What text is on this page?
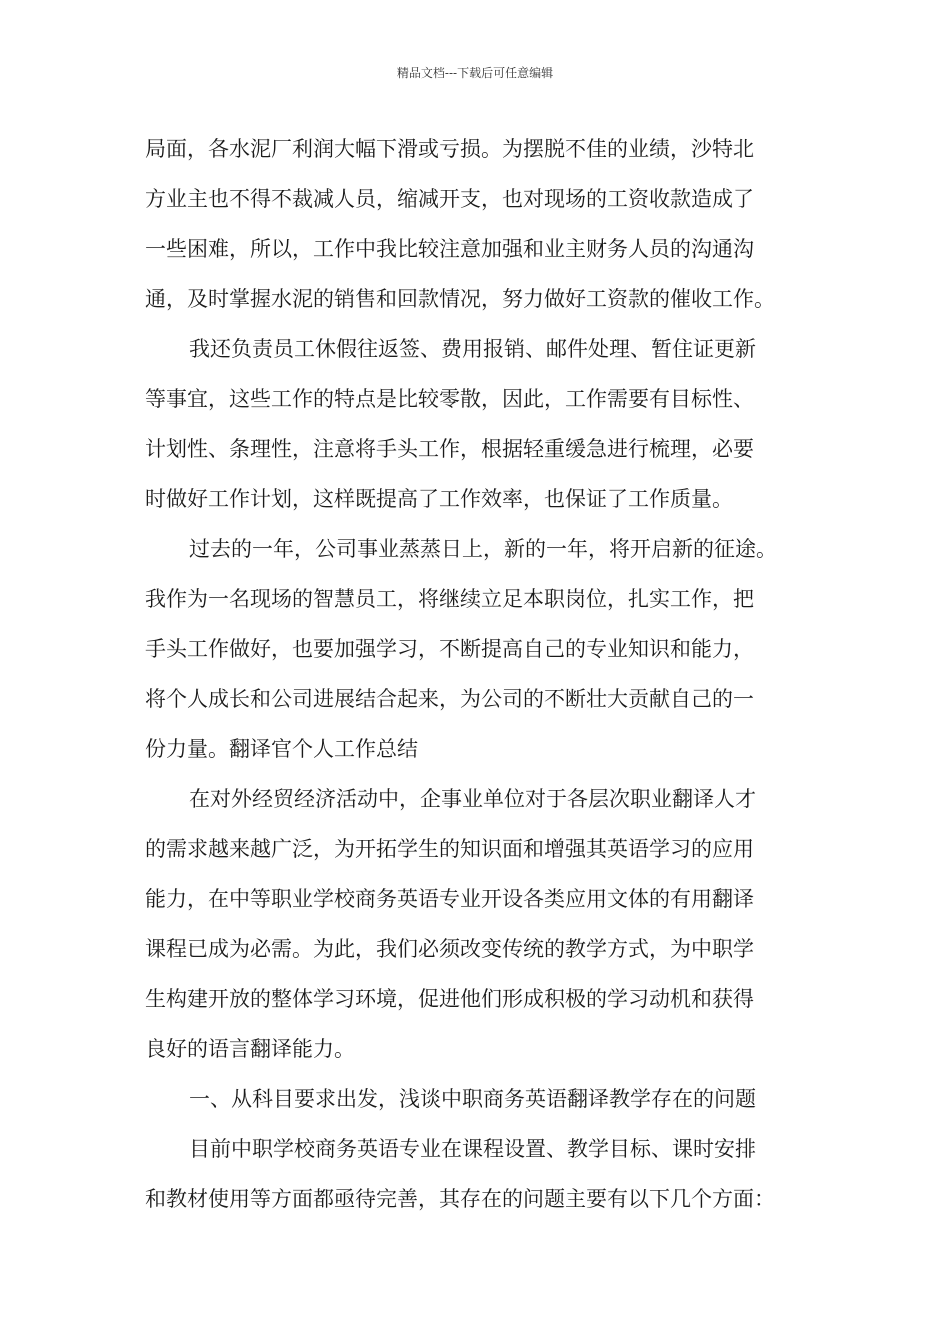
精品文档---下载后可任意编辑
局面，各水泥厂利润大幅下滑或亏损。为摆脱不佳的业绩，沙特北
方业主也不得不裁减人员，缩减开支，也对现场的工资收款造成了
一些困难，所以，工作中我比较注意加强和业主财务人员的沟通沟
通，及时掌握水泥的销售和回款情况，努力做好工资款的催收工作。
我还负责员工休假往返签、费用报销、邮件处理、暂住证更新
等事宜，这些工作的特点是比较零散，因此，工作需要有目标性、
计划性、条理性，注意将手头工作，根据轻重缓急进行梳理，必要
时做好工作计划，这样既提高了工作效率，也保证了工作质量。
过去的一年，公司事业蒸蒸日上，新的一年，将开启新的征途。
我作为一名现场的智慧员工，将继续立足本职岗位，扎实工作，把
手头工作做好，也要加强学习，不断提高自己的专业知识和能力，
将个人成长和公司进展结合起来，为公司的不断壮大贡献自己的一
份力量。翻译官个人工作总结
在对外经贸经济活动中，企事业单位对于各层次职业翻译人才
的需求越来越广泛，为开拓学生的知识面和增强其英语学习的应用
能力，在中等职业学校商务英语专业开设各类应用文体的有用翻译
课程已成为必需。为此，我们必须改变传统的教学方式，为中职学
生构建开放的整体学习环境，促进他们形成积极的学习动机和获得
良好的语言翻译能力。
一、从科目要求出发，浅谈中职商务英语翻译教学存在的问题
目前中职学校商务英语专业在课程设置、教学目标、课时安排
和教材使用等方面都亟待完善，其存在的问题主要有以下几个方面：
